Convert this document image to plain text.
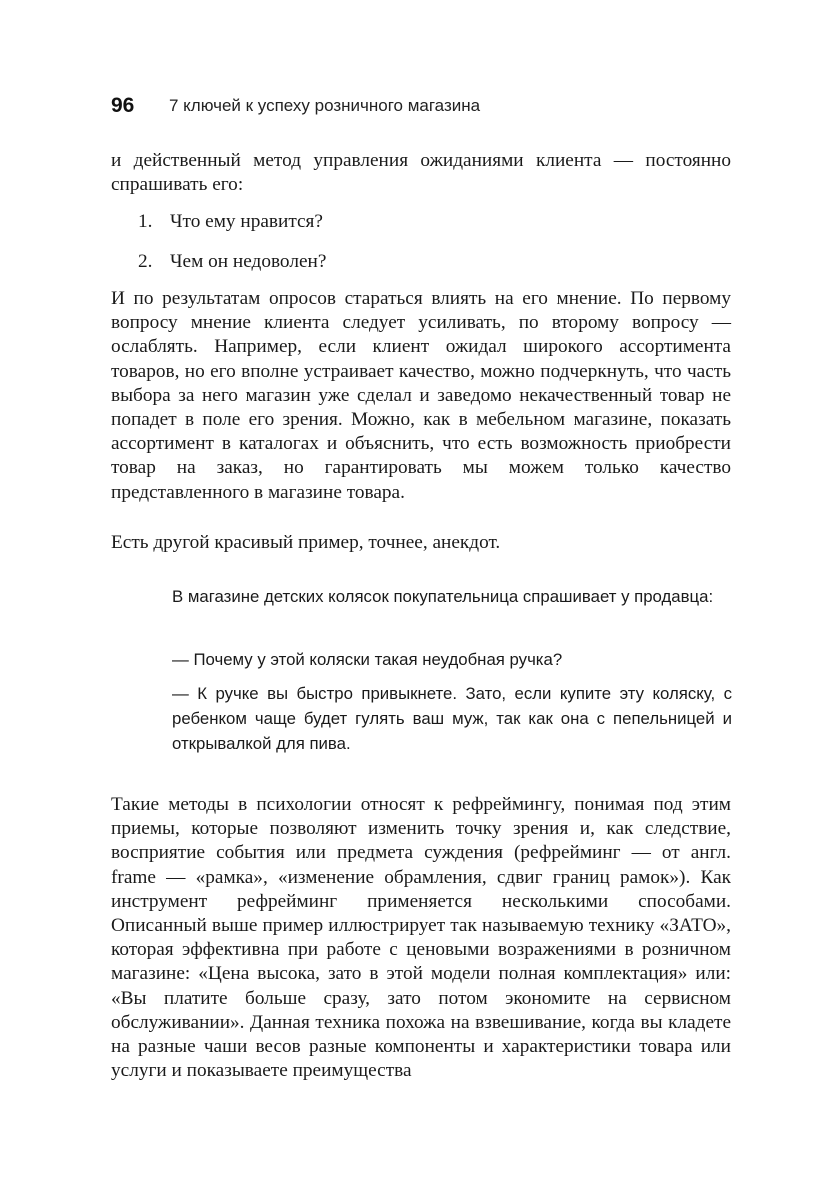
96 7 ключей к успеху розничного магазина

и действенный метод управления ожиданиями клиента — постоянно спрашивать его:

1. Что ему нравится?
2. Чем он недоволен?

И по результатам опросов стараться влиять на его мнение. По первому вопросу мнение клиента следует усиливать, по второму вопросу — ослаблять. Например, если клиент ожидал широкого ассортимента товаров, но его вполне устраивает качество, можно подчеркнуть, что часть выбора за него магазин уже сделал и заведомо некачественный товар не попадет в поле его зрения. Можно, как в мебельном магазине, показать ассортимент в каталогах и объяснить, что есть возможность приобрести товар на заказ, но гарантировать мы можем только качество представленного в магазине товара.

Есть другой красивый пример, точнее, анекдот.

В магазине детских колясок покупательница спрашивает у продавца:

— Почему у этой коляски такая неудобная ручка?

— К ручке вы быстро привыкнете. Зато, если купите эту коляску, с ребенком чаще будет гулять ваш муж, так как она с пепельницей и открывалкой для пива.

Такие методы в психологии относят к рефреймингу, понимая под этим приемы, которые позволяют изменить точку зрения и, как следствие, восприятие события или предмета суждения (рефрейминг — от англ. frame — «рамка», «изменение обрамления, сдвиг границ рамок»). Как инструмент рефрейминг применяется несколькими способами. Описанный выше пример иллюстрирует так называемую технику «ЗАТО», которая эффективна при работе с ценовыми возражениями в розничном магазине: «Цена высока, зато в этой модели полная комплектация» или: «Вы платите больше сразу, зато потом экономите на сервисном обслуживании». Данная техника похожа на взвешивание, когда вы кладете на разные чаши весов разные компоненты и характеристики товара или услуги и показываете преимущества
